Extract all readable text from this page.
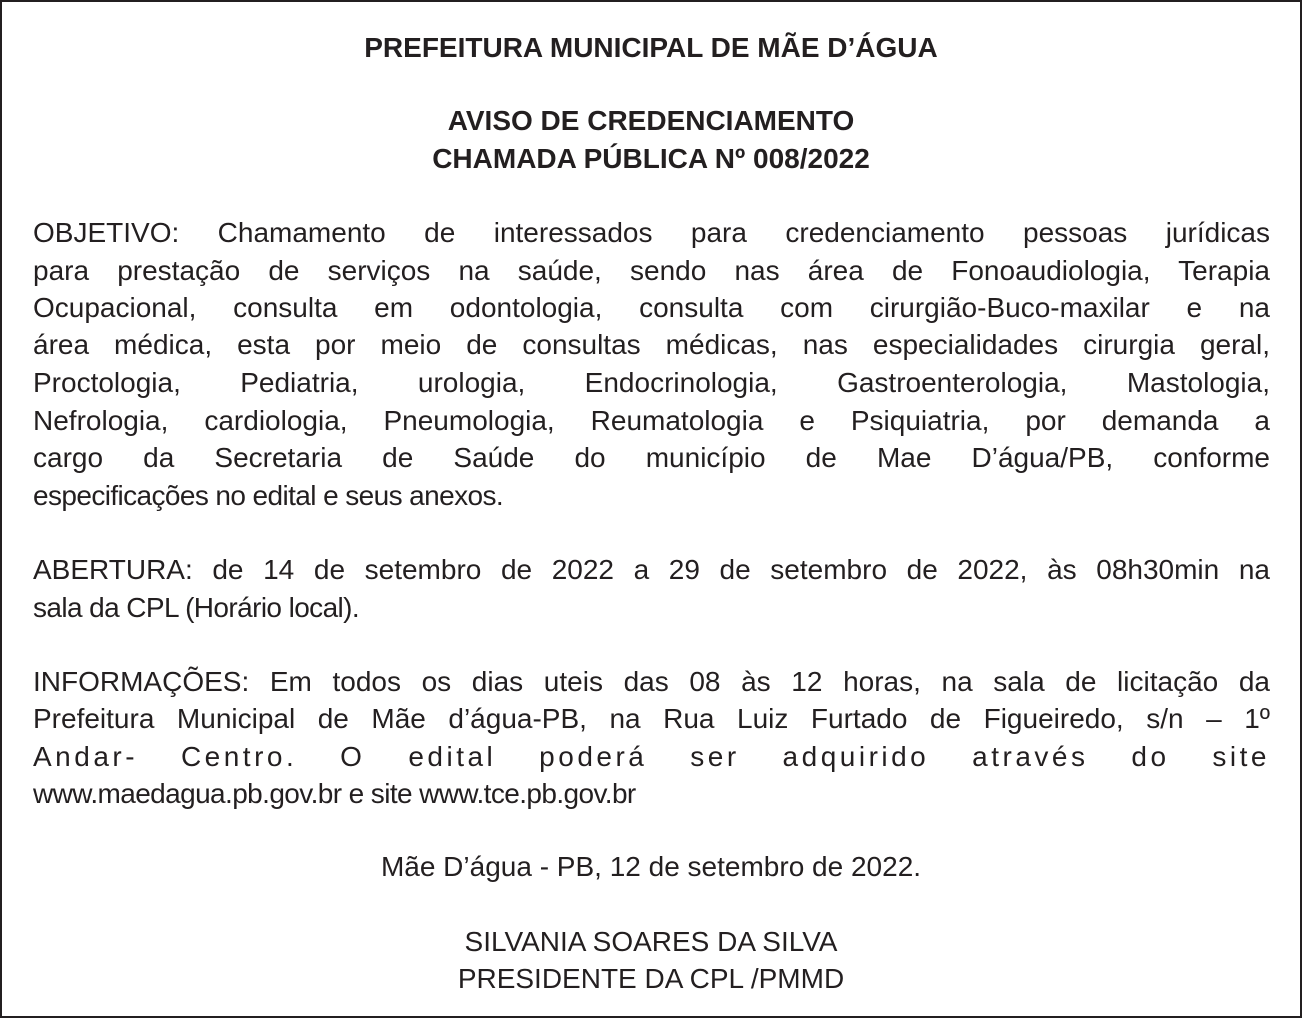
PREFEITURA MUNICIPAL DE MÃE D’ÁGUA
AVISO DE CREDENCIAMENTO
CHAMADA PÚBLICA Nº 008/2022
OBJETIVO: Chamamento de interessados para credenciamento pessoas jurídicas
para prestação de serviços na saúde, sendo nas área de Fonoaudiologia, Terapia
Ocupacional, consulta em odontologia, consulta com cirurgião-Buco-maxilar e na
área médica, esta por meio de consultas médicas, nas especialidades cirurgia geral,
Proctologia, Pediatria, urologia, Endocrinologia, Gastroenterologia, Mastologia,
Nefrologia, cardiologia, Pneumologia, Reumatologia e Psiquiatria, por demanda a
cargo da Secretaria de Saúde do município de Mae D’água/PB, conforme
especificações no edital e seus anexos.
ABERTURA: de 14 de setembro de 2022 a 29 de setembro de 2022, às 08h30min na
sala da CPL (Horário local).
INFORMAÇÕES: Em todos os dias uteis das 08 às 12 horas, na sala de licitação da
Prefeitura Municipal de Mãe d’água-PB, na Rua Luiz Furtado de Figueiredo, s/n – 1º
Andar- Centro. O edital poderá ser adquirido através do site
www.maedagua.pb.gov.br e site www.tce.pb.gov.br
Mãe D’água - PB, 12 de setembro de 2022.
SILVANIA SOARES DA SILVA
PRESIDENTE DA CPL /PMMD
